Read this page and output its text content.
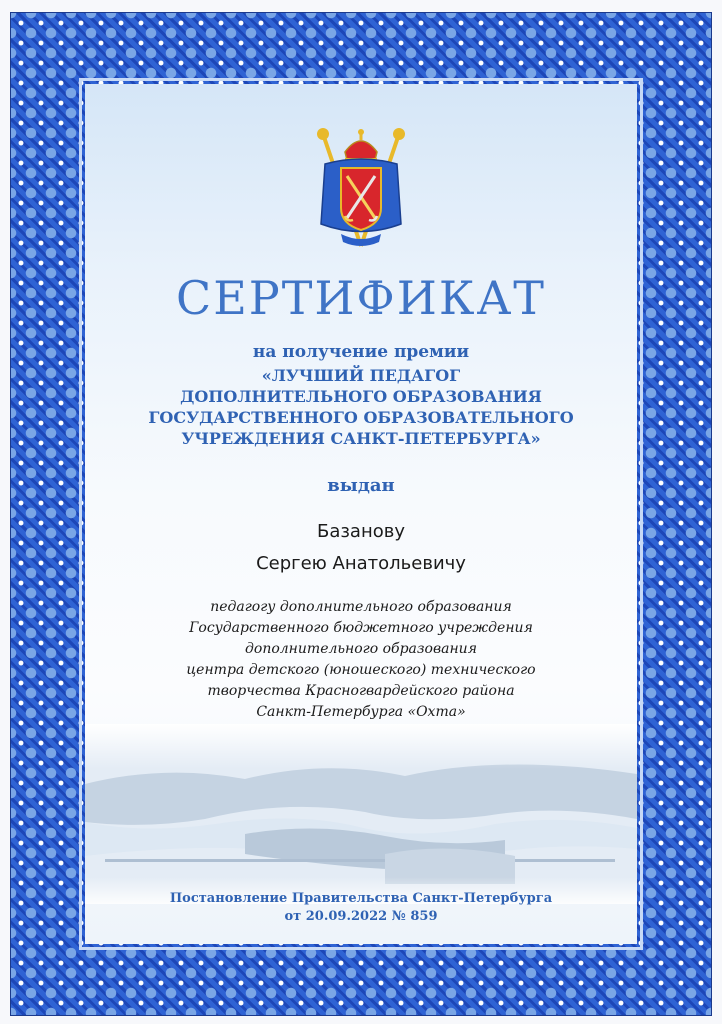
СЕРТИФИКАТ

на получение премии

«ЛУЧШИЙ ПЕДАГОГ

ДОПОЛНИТЕЛЬНОГО ОБРАЗОВАНИЯ

ГОСУДАРСТВЕННОГО ОБРАЗОВАТЕЛЬНОГО

УЧРЕЖДЕНИЯ САНКТ-ПЕТЕРБУРГА»

выдан

Базанову

Сергею Анатольевичу

педагогу дополнительного образования

Государственного бюджетного учреждения

дополнительного образования

центра детского (юношеского) технического

творчества Красногвардейского района

Санкт-Петербурга «Охта»

Постановление Правительства Санкт-Петербурга

от 20.09.2022 № 859
